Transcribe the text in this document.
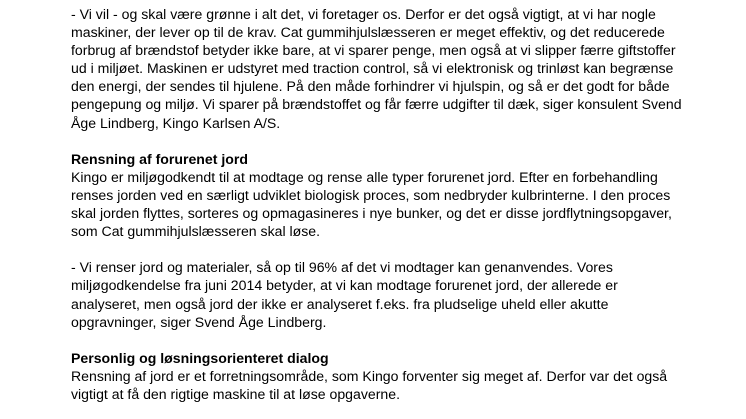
- Vi vil - og skal være grønne i alt det, vi foretager os. Derfor er det også vigtigt, at vi har nogle
maskiner, der lever op til de krav. Cat gummihjulslæsseren er meget effektiv, og det reducerede
forbrug af brændstof betyder ikke bare, at vi sparer penge, men også at vi slipper færre giftstoffer
ud i miljøet. Maskinen er udstyret med traction control, så vi elektronisk og trinløst kan begrænse
den energi, der sendes til hjulene. På den måde forhindrer vi hjulspin, og så er det godt for både
pengepung og miljø. Vi sparer på brændstoffet og får færre udgifter til dæk, siger konsulent Svend
Åge Lindberg, Kingo Karlsen A/S.
Rensning af forurenet jord
Kingo er miljøgodkendt til at modtage og rense alle typer forurenet jord. Efter en forbehandling
renses jorden ved en særligt udviklet biologisk proces, som nedbryder kulbrinterne. I den proces
skal jorden flyttes, sorteres og opmagasineres i nye bunker, og det er disse jordflytningsopgaver,
som Cat gummihjulslæsseren skal løse.
- Vi renser jord og materialer, så op til 96% af det vi modtager kan genanvendes. Vores
miljøgodkendelse fra juni 2014 betyder, at vi kan modtage forurenet jord, der allerede er
analyseret, men også jord der ikke er analyseret f.eks. fra pludselige uheld eller akutte
opgravninger, siger Svend Åge Lindberg.
Personlig og løsningsorienteret dialog
Rensning af jord er et forretningsområde, som Kingo forventer sig meget af. Derfor var det også
vigtigt at få den rigtige maskine til at løse opgaverne.
